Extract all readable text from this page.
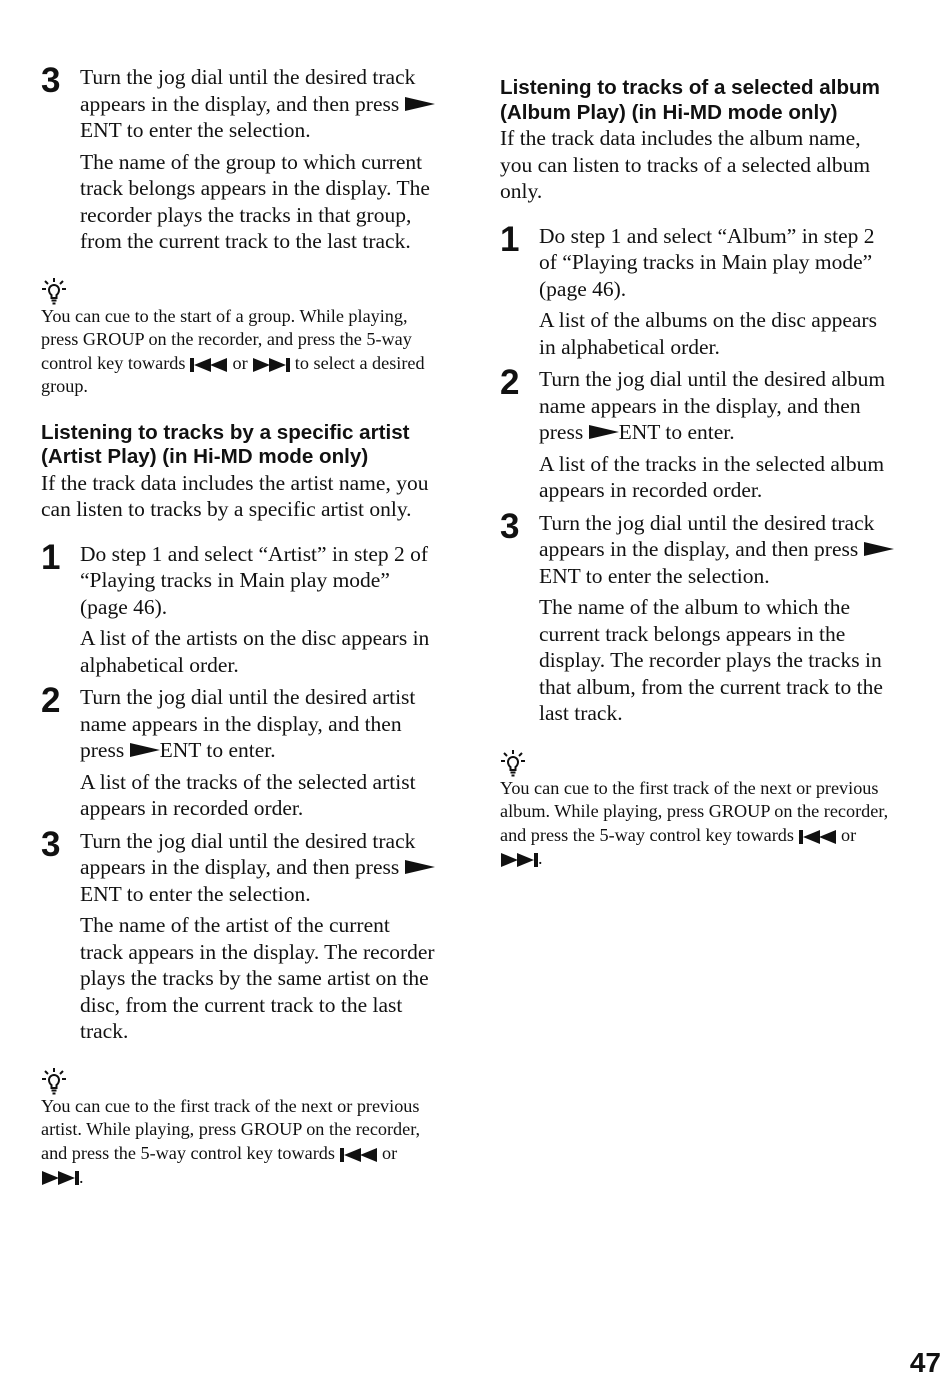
3 Turn the jog dial until the desired track appears in the display, and then press ENT to enter the selection.

The name of the group to which current track belongs appears in the display. The recorder plays the tracks in that group, from the current track to the last track.

You can cue to the start of a group. While playing, press GROUP on the recorder, and press the 5-way control key towards  or  to select a desired group.

Listening to tracks by a specific artist (Artist Play) (in Hi-MD mode only)

If the track data includes the artist name, you can listen to tracks by a specific artist only.

1 Do step 1 and select “Artist” in step 2 of “Playing tracks in Main play mode” (page 46).

A list of the artists on the disc appears in alphabetical order.

2 Turn the jog dial until the desired artist name appears in the display, and then press ENT to enter.

A list of the tracks of the selected artist appears in recorded order.

3 Turn the jog dial until the desired track appears in the display, and then press ENT to enter the selection.

The name of the artist of the current track appears in the display. The recorder plays the tracks by the same artist on the disc, from the current track to the last track.

You can cue to the first track of the next or previous artist. While playing, press GROUP on the recorder, and press the 5-way control key towards  or .

Listening to tracks of a selected album (Album Play) (in Hi-MD mode only)

If the track data includes the album name, you can listen to tracks of a selected album only.

1 Do step 1 and select “Album” in step 2 of “Playing tracks in Main play mode” (page 46).

A list of the albums on the disc appears in alphabetical order.

2 Turn the jog dial until the desired album name appears in the display, and then press ENT to enter.

A list of the tracks in the selected album appears in recorded order.

3 Turn the jog dial until the desired track appears in the display, and then press ENT to enter the selection.

The name of the album to which the current track belongs appears in the display. The recorder plays the tracks in that album, from the current track to the last track.

You can cue to the first track of the next or previous album. While playing, press GROUP on the recorder, and press the 5-way control key towards  or .

47
